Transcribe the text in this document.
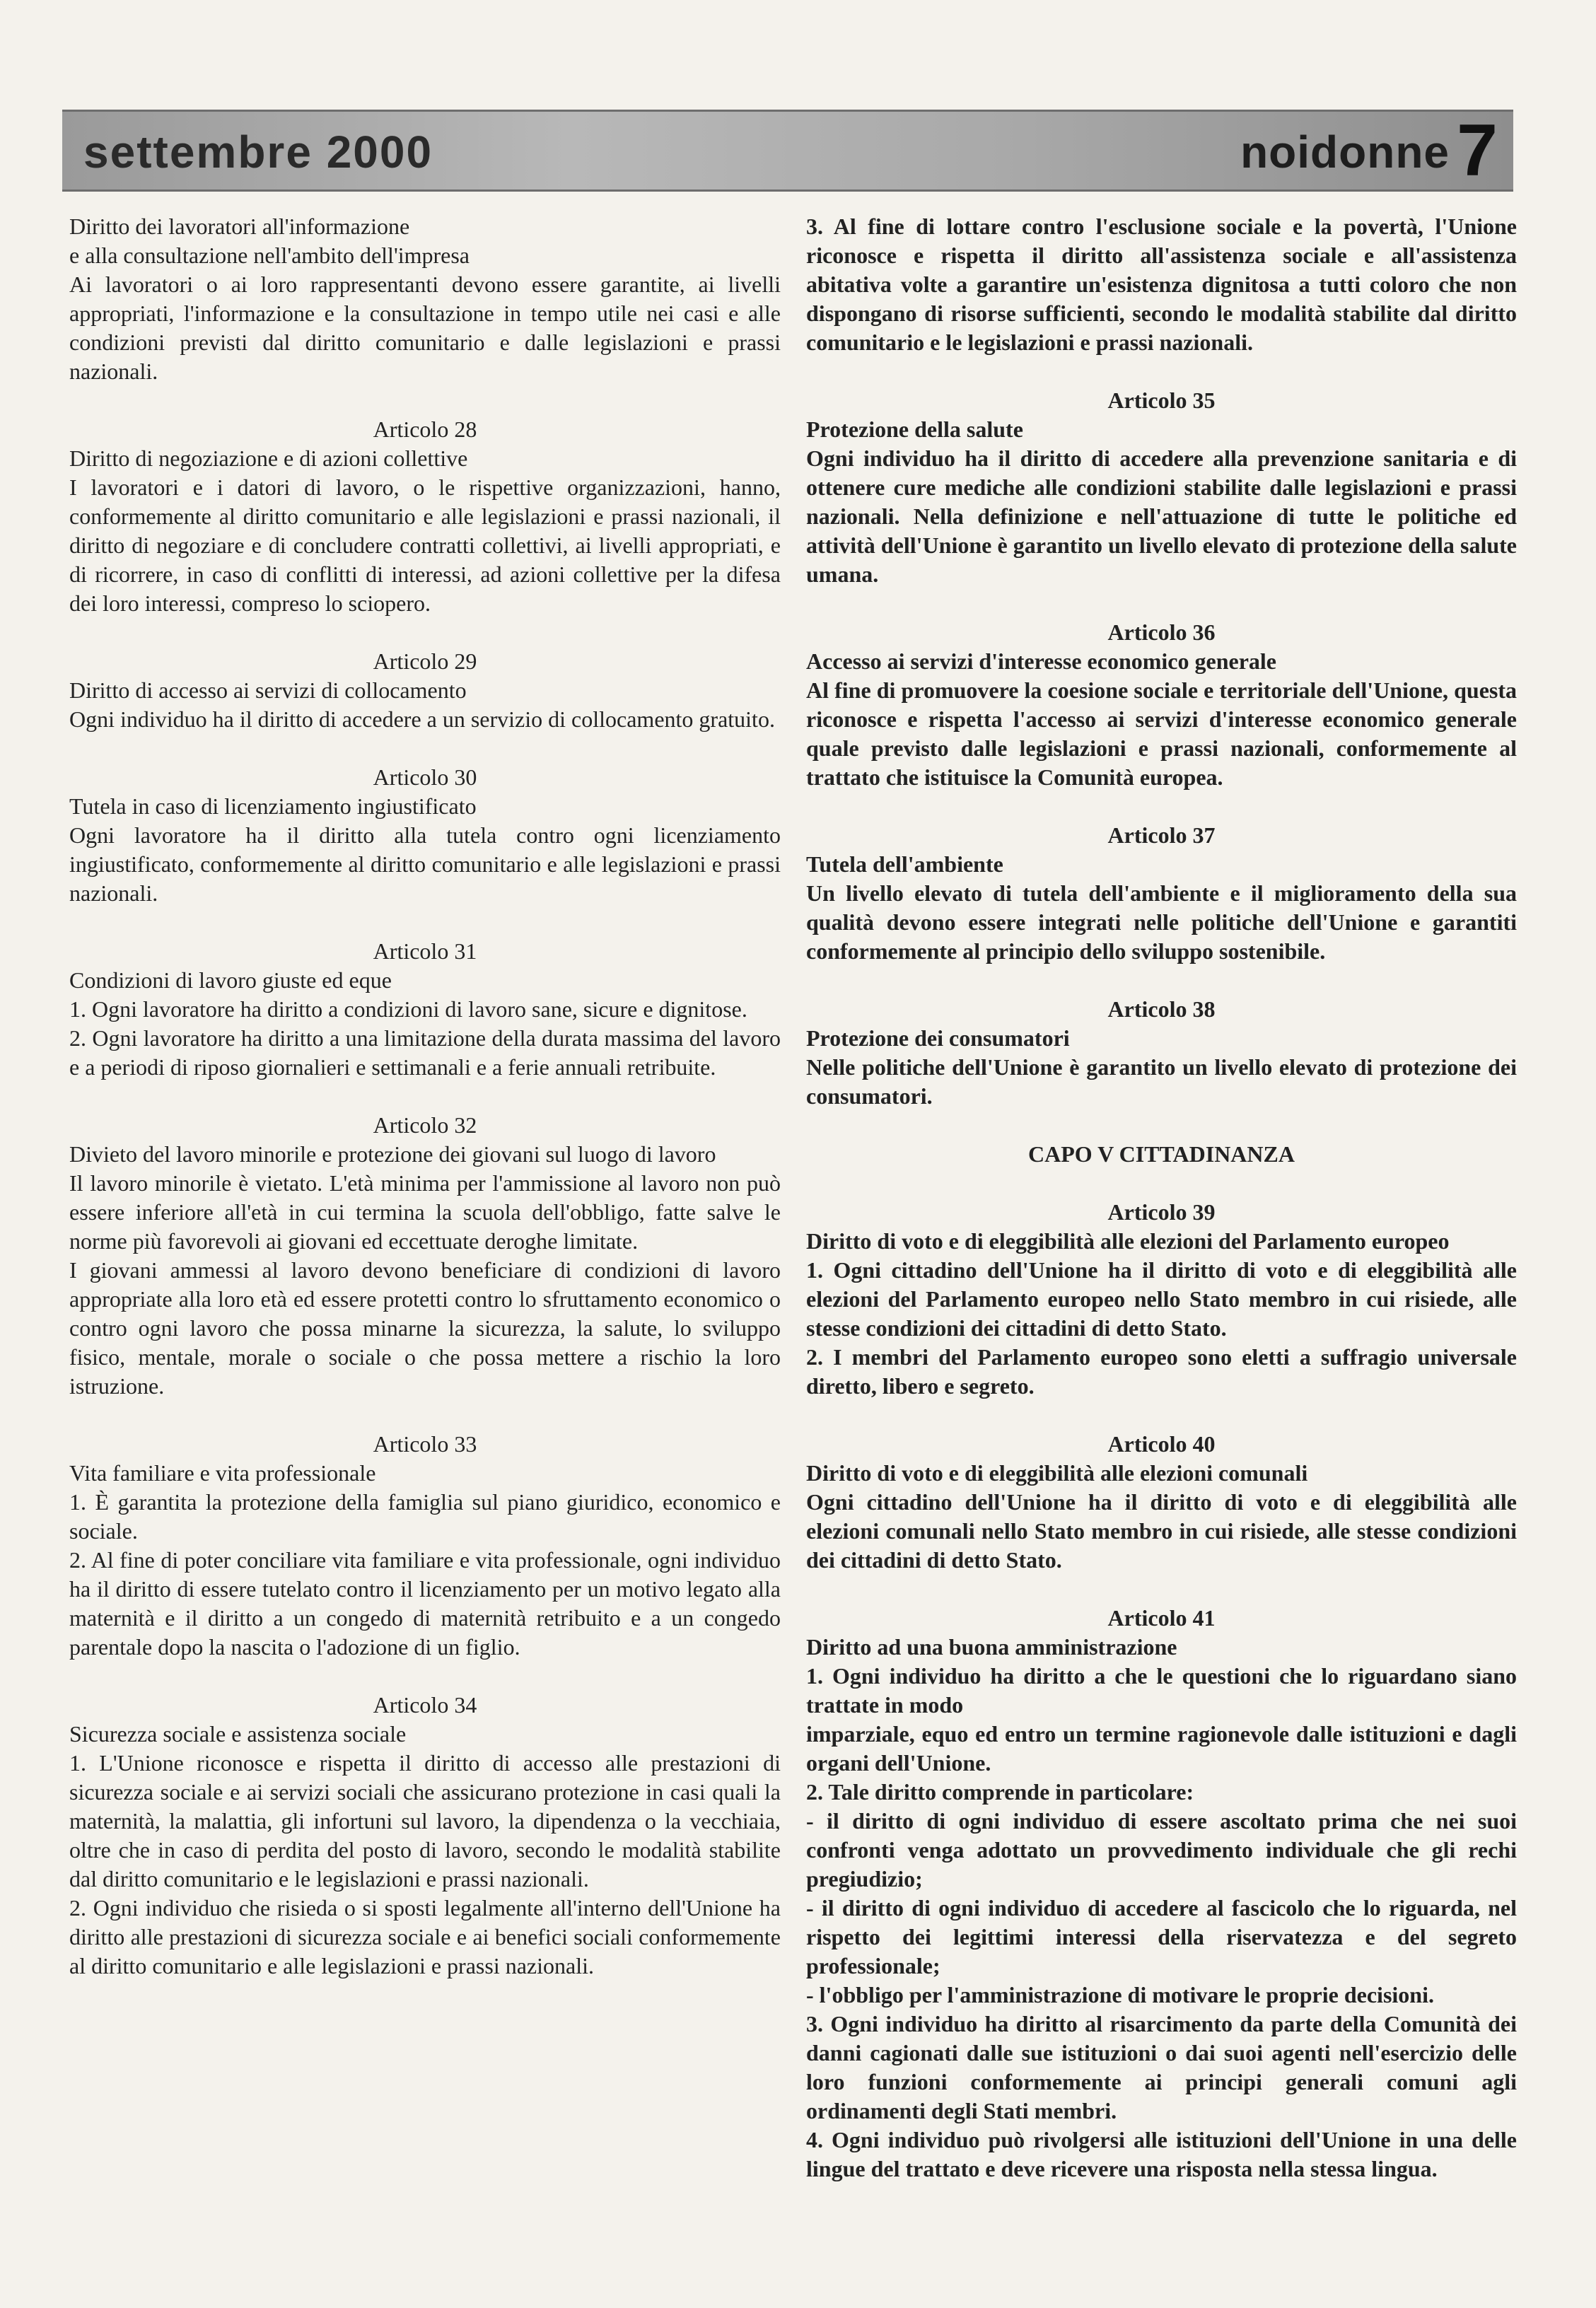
settembre 2000	noidonne 7
Diritto dei lavoratori all'informazione
e alla consultazione nell'ambito dell'impresa
Ai lavoratori o ai loro rappresentanti devono essere garantite, ai livelli appropriati, l'informazione e la consultazione in tempo utile nei casi e alle condizioni previsti dal diritto comunitario e dalle legislazioni e prassi nazionali.
Articolo 28
Diritto di negoziazione e di azioni collettive
I lavoratori e i datori di lavoro, o le rispettive organizzazioni, hanno, conformemente al diritto comunitario e alle legislazioni e prassi nazionali, il diritto di negoziare e di concludere contratti collettivi, ai livelli appropriati, e di ricorrere, in caso di conflitti di interessi, ad azioni collettive per la difesa dei loro interessi, compreso lo sciopero.
Articolo 29
Diritto di accesso ai servizi di collocamento
Ogni individuo ha il diritto di accedere a un servizio di collocamento gratuito.
Articolo 30
Tutela in caso di licenziamento ingiustificato
Ogni lavoratore ha il diritto alla tutela contro ogni licenziamento ingiustificato, conformemente al diritto comunitario e alle legislazioni e prassi nazionali.
Articolo 31
Condizioni di lavoro giuste ed eque
1. Ogni lavoratore ha diritto a condizioni di lavoro sane, sicure e dignitose.
2. Ogni lavoratore ha diritto a una limitazione della durata massima del lavoro e a periodi di riposo giornalieri e settimanali e a ferie annuali retribuite.
Articolo 32
Divieto del lavoro minorile e protezione dei giovani sul luogo di lavoro
Il lavoro minorile è vietato. L'età minima per l'ammissione al lavoro non può essere inferiore all'età in cui termina la scuola dell'obbligo, fatte salve le norme più favorevoli ai giovani ed eccettuate deroghe limitate.
I giovani ammessi al lavoro devono beneficiare di condizioni di lavoro appropriate alla loro età ed essere protetti contro lo sfruttamento economico o contro ogni lavoro che possa minarne la sicurezza, la salute, lo sviluppo fisico, mentale, morale o sociale o che possa mettere a rischio la loro istruzione.
Articolo 33
Vita familiare e vita professionale
1. È garantita la protezione della famiglia sul piano giuridico, economico e sociale.
2. Al fine di poter conciliare vita familiare e vita professionale, ogni individuo ha il diritto di essere tutelato contro il licenziamento per un motivo legato alla maternità e il diritto a un congedo di maternità retribuito e a un congedo parentale dopo la nascita o l'adozione di un figlio.
Articolo 34
Sicurezza sociale e assistenza sociale
1. L'Unione riconosce e rispetta il diritto di accesso alle prestazioni di sicurezza sociale e ai servizi sociali che assicurano protezione in casi quali la maternità, la malattia, gli infortuni sul lavoro, la dipendenza o la vecchiaia, oltre che in caso di perdita del posto di lavoro, secondo le modalità stabilite dal diritto comunitario e le legislazioni e prassi nazionali.
2. Ogni individuo che risieda o si sposti legalmente all'interno dell'Unione ha diritto alle prestazioni di sicurezza sociale e ai benefici sociali conformemente al diritto comunitario e alle legislazioni e prassi nazionali.
3. Al fine di lottare contro l'esclusione sociale e la povertà, l'Unione riconosce e rispetta il diritto all'assistenza sociale e all'assistenza abitativa volte a garantire un'esistenza dignitosa a tutti coloro che non dispongano di risorse sufficienti, secondo le modalità stabilite dal diritto comunitario e le legislazioni e prassi nazionali.
Articolo 35
Protezione della salute
Ogni individuo ha il diritto di accedere alla prevenzione sanitaria e di ottenere cure mediche alle condizioni stabilite dalle legislazioni e prassi nazionali. Nella definizione e nell'attuazione di tutte le politiche ed attività dell'Unione è garantito un livello elevato di protezione della salute umana.
Articolo 36
Accesso ai servizi d'interesse economico generale
Al fine di promuovere la coesione sociale e territoriale dell'Unione, questa riconosce e rispetta l'accesso ai servizi d'interesse economico generale quale previsto dalle legislazioni e prassi nazionali, conformemente al trattato che istituisce la Comunità europea.
Articolo 37
Tutela dell'ambiente
Un livello elevato di tutela dell'ambiente e il miglioramento della sua qualità devono essere integrati nelle politiche dell'Unione e garantiti conformemente al principio dello sviluppo sostenibile.
Articolo 38
Protezione dei consumatori
Nelle politiche dell'Unione è garantito un livello elevato di protezione dei consumatori.
CAPO V CITTADINANZA
Articolo 39
Diritto di voto e di eleggibilità alle elezioni del Parlamento europeo
1. Ogni cittadino dell'Unione ha il diritto di voto e di eleggibilità alle elezioni del Parlamento europeo nello Stato membro in cui risiede, alle stesse condizioni dei cittadini di detto Stato.
2. I membri del Parlamento europeo sono eletti a suffragio universale diretto, libero e segreto.
Articolo 40
Diritto di voto e di eleggibilità alle elezioni comunali
Ogni cittadino dell'Unione ha il diritto di voto e di eleggibilità alle elezioni comunali nello Stato membro in cui risiede, alle stesse condizioni dei cittadini di detto Stato.
Articolo 41
Diritto ad una buona amministrazione
1. Ogni individuo ha diritto a che le questioni che lo riguardano siano trattate in modo
imparziale, equo ed entro un termine ragionevole dalle istituzioni e dagli organi dell'Unione.
2. Tale diritto comprende in particolare:
- il diritto di ogni individuo di essere ascoltato prima che nei suoi confronti venga adottato un provvedimento individuale che gli rechi pregiudizio;
- il diritto di ogni individuo di accedere al fascicolo che lo riguarda, nel rispetto dei legittimi interessi della riservatezza e del segreto professionale;
- l'obbligo per l'amministrazione di motivare le proprie decisioni.
3. Ogni individuo ha diritto al risarcimento da parte della Comunità dei danni cagionati dalle sue istituzioni o dai suoi agenti nell'esercizio delle loro funzioni conformemente ai principi generali comuni agli ordinamenti degli Stati membri.
4. Ogni individuo può rivolgersi alle istituzioni dell'Unione in una delle lingue del trattato e deve ricevere una risposta nella stessa lingua.
